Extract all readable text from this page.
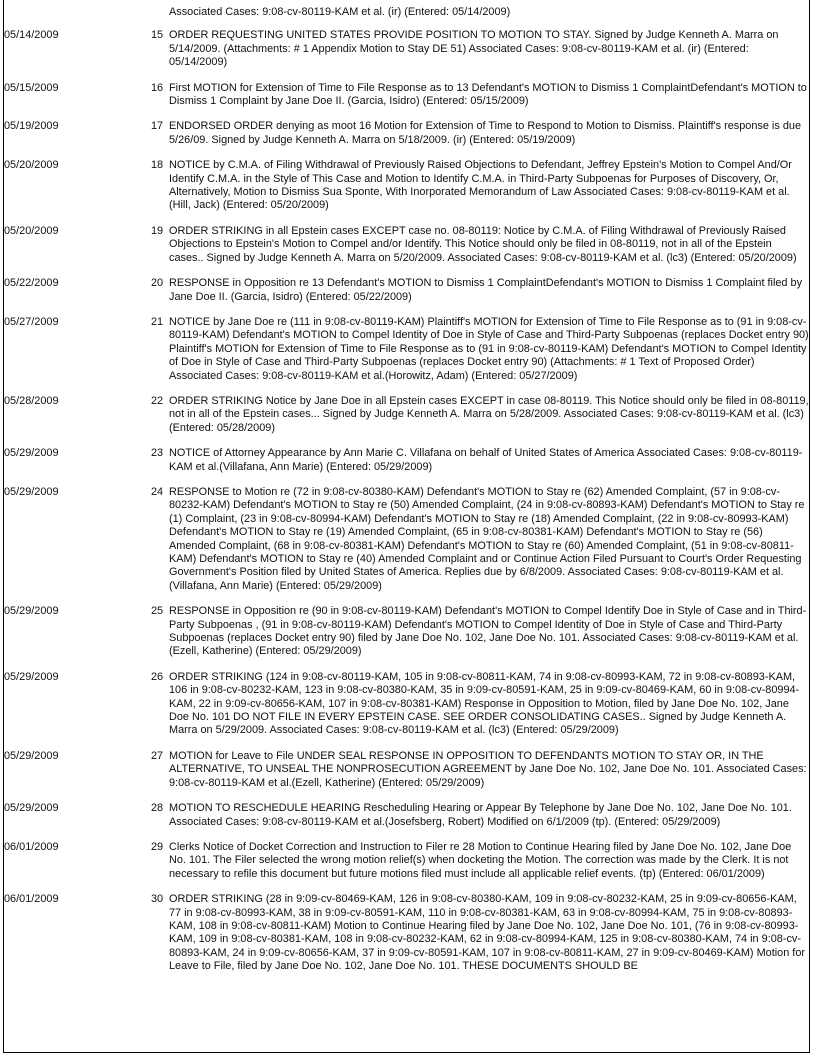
		Associated Cases: 9:08-cv-80119-KAM et al. (ir) (Entered: 05/14/2009)
05/14/2009	15	ORDER REQUESTING UNITED STATES PROVIDE POSITION TO MOTION TO STAY. Signed by Judge Kenneth A. Marra on 5/14/2009. (Attachments: # 1 Appendix Motion to Stay DE 51) Associated Cases: 9:08-cv-80119-KAM et al. (ir) (Entered: 05/14/2009)
05/15/2009	16	First MOTION for Extension of Time to File Response as to 13 Defendant's MOTION to Dismiss 1 ComplaintDefendant's MOTION to Dismiss 1 Complaint by Jane Doe II. (Garcia, Isidro) (Entered: 05/15/2009)
05/19/2009	17	ENDORSED ORDER denying as moot 16 Motion for Extension of Time to Respond to Motion to Dismiss. Plaintiff's response is due 5/26/09. Signed by Judge Kenneth A. Marra on 5/18/2009. (ir) (Entered: 05/19/2009)
05/20/2009	18	NOTICE by C.M.A. of Filing Withdrawal of Previously Raised Objections to Defendant, Jeffrey Epstein's Motion to Compel And/Or Identify C.M.A. in the Style of This Case and Motion to Identify C.M.A. in Third-Party Subpoenas for Purposes of Discovery, Or, Alternatively, Motion to Dismiss Sua Sponte, With Inorporated Memorandum of Law Associated Cases: 9:08-cv-80119-KAM et al.(Hill, Jack) (Entered: 05/20/2009)
05/20/2009	19	ORDER STRIKING in all Epstein cases EXCEPT case no. 08-80119: Notice by C.M.A. of Filing Withdrawal of Previously Raised Objections to Epstein's Motion to Compel and/or Identify. This Notice should only be filed in 08-80119, not in all of the Epstein cases.. Signed by Judge Kenneth A. Marra on 5/20/2009. Associated Cases: 9:08-cv-80119-KAM et al. (lc3) (Entered: 05/20/2009)
05/22/2009	20	RESPONSE in Opposition re 13 Defendant's MOTION to Dismiss 1 ComplaintDefendant's MOTION to Dismiss 1 Complaint filed by Jane Doe II. (Garcia, Isidro) (Entered: 05/22/2009)
05/27/2009	21	NOTICE by Jane Doe re (111 in 9:08-cv-80119-KAM) Plaintiff's MOTION for Extension of Time to File Response as to (91 in 9:08-cv-80119-KAM) Defendant's MOTION to Compel Identity of Doe in Style of Case and Third-Party Subpoenas (replaces Docket entry 90) Plaintiff's MOTION for Extension of Time to File Response as to (91 in 9:08-cv-80119-KAM) Defendant's MOTION to Compel Identity of Doe in Style of Case and Third-Party Subpoenas (replaces Docket entry 90) (Attachments: # 1 Text of Proposed Order) Associated Cases: 9:08-cv-80119-KAM et al.(Horowitz, Adam) (Entered: 05/27/2009)
05/28/2009	22	ORDER STRIKING Notice by Jane Doe in all Epstein cases EXCEPT in case 08-80119. This Notice should only be filed in 08-80119, not in all of the Epstein cases... Signed by Judge Kenneth A. Marra on 5/28/2009. Associated Cases: 9:08-cv-80119-KAM et al. (lc3) (Entered: 05/28/2009)
05/29/2009	23	NOTICE of Attorney Appearance by Ann Marie C. Villafana on behalf of United States of America Associated Cases: 9:08-cv-80119-KAM et al.(Villafana, Ann Marie) (Entered: 05/29/2009)
05/29/2009	24	RESPONSE to Motion re (72 in 9:08-cv-80380-KAM) Defendant's MOTION to Stay re (62) Amended Complaint, (57 in 9:08-cv-80232-KAM) Defendant's MOTION to Stay re (50) Amended Complaint, (24 in 9:08-cv-80893-KAM) Defendant's MOTION to Stay re (1) Complaint, (23 in 9:08-cv-80994-KAM) Defendant's MOTION to Stay re (18) Amended Complaint, (22 in 9:08-cv-80993-KAM) Defendant's MOTION to Stay re (19) Amended Complaint, (65 in 9:08-cv-80381-KAM) Defendant's MOTION to Stay re (56) Amended Complaint, (68 in 9:08-cv-80381-KAM) Defendant's MOTION to Stay re (60) Amended Complaint, (51 in 9:08-cv-80811-KAM) Defendant's MOTION to Stay re (40) Amended Complaint and or Continue Action Filed Pursuant to Court's Order Requesting Government's Position filed by United States of America. Replies due by 6/8/2009. Associated Cases: 9:08-cv-80119-KAM et al.(Villafana, Ann Marie) (Entered: 05/29/2009)
05/29/2009	25	RESPONSE in Opposition re (90 in 9:08-cv-80119-KAM) Defendant's MOTION to Compel Identify Doe in Style of Case and in Third-Party Subpoenas , (91 in 9:08-cv-80119-KAM) Defendant's MOTION to Compel Identity of Doe in Style of Case and Third-Party Subpoenas (replaces Docket entry 90) filed by Jane Doe No. 102, Jane Doe No. 101. Associated Cases: 9:08-cv-80119-KAM et al.(Ezell, Katherine) (Entered: 05/29/2009)
05/29/2009	26	ORDER STRIKING (124 in 9:08-cv-80119-KAM, 105 in 9:08-cv-80811-KAM, 74 in 9:08-cv-80993-KAM, 72 in 9:08-cv-80893-KAM, 106 in 9:08-cv-80232-KAM, 123 in 9:08-cv-80380-KAM, 35 in 9:09-cv-80591-KAM, 25 in 9:09-cv-80469-KAM, 60 in 9:08-cv-80994-KAM, 22 in 9:09-cv-80656-KAM, 107 in 9:08-cv-80381-KAM) Response in Opposition to Motion, filed by Jane Doe No. 102, Jane Doe No. 101 DO NOT FILE IN EVERY EPSTEIN CASE. SEE ORDER CONSOLIDATING CASES.. Signed by Judge Kenneth A. Marra on 5/29/2009. Associated Cases: 9:08-cv-80119-KAM et al. (lc3) (Entered: 05/29/2009)
05/29/2009	27	MOTION for Leave to File UNDER SEAL RESPONSE IN OPPOSITION TO DEFENDANTS MOTION TO STAY OR, IN THE ALTERNATIVE, TO UNSEAL THE NONPROSECUTION AGREEMENT by Jane Doe No. 102, Jane Doe No. 101. Associated Cases: 9:08-cv-80119-KAM et al.(Ezell, Katherine) (Entered: 05/29/2009)
05/29/2009	28	MOTION TO RESCHEDULE HEARING Rescheduling Hearing or Appear By Telephone by Jane Doe No. 102, Jane Doe No. 101. Associated Cases: 9:08-cv-80119-KAM et al.(Josefsberg, Robert) Modified on 6/1/2009 (tp). (Entered: 05/29/2009)
06/01/2009	29	Clerks Notice of Docket Correction and Instruction to Filer re 28 Motion to Continue Hearing filed by Jane Doe No. 102, Jane Doe No. 101. The Filer selected the wrong motion relief(s) when docketing the Motion. The correction was made by the Clerk. It is not necessary to refile this document but future motions filed must include all applicable relief events. (tp) (Entered: 06/01/2009)
06/01/2009	30	ORDER STRIKING (28 in 9:09-cv-80469-KAM, 126 in 9:08-cv-80380-KAM, 109 in 9:08-cv-80232-KAM, 25 in 9:09-cv-80656-KAM, 77 in 9:08-cv-80993-KAM, 38 in 9:09-cv-80591-KAM, 110 in 9:08-cv-80381-KAM, 63 in 9:08-cv-80994-KAM, 75 in 9:08-cv-80893-KAM, 108 in 9:08-cv-80811-KAM) Motion to Continue Hearing filed by Jane Doe No. 102, Jane Doe No. 101, (76 in 9:08-cv-80993-KAM, 109 in 9:08-cv-80381-KAM, 108 in 9:08-cv-80232-KAM, 62 in 9:08-cv-80994-KAM, 125 in 9:08-cv-80380-KAM, 74 in 9:08-cv-80893-KAM, 24 in 9:09-cv-80656-KAM, 37 in 9:09-cv-80591-KAM, 107 in 9:08-cv-80811-KAM, 27 in 9:09-cv-80469-KAM) Motion for Leave to File, filed by Jane Doe No. 102, Jane Doe No. 101. THESE DOCUMENTS SHOULD BE
